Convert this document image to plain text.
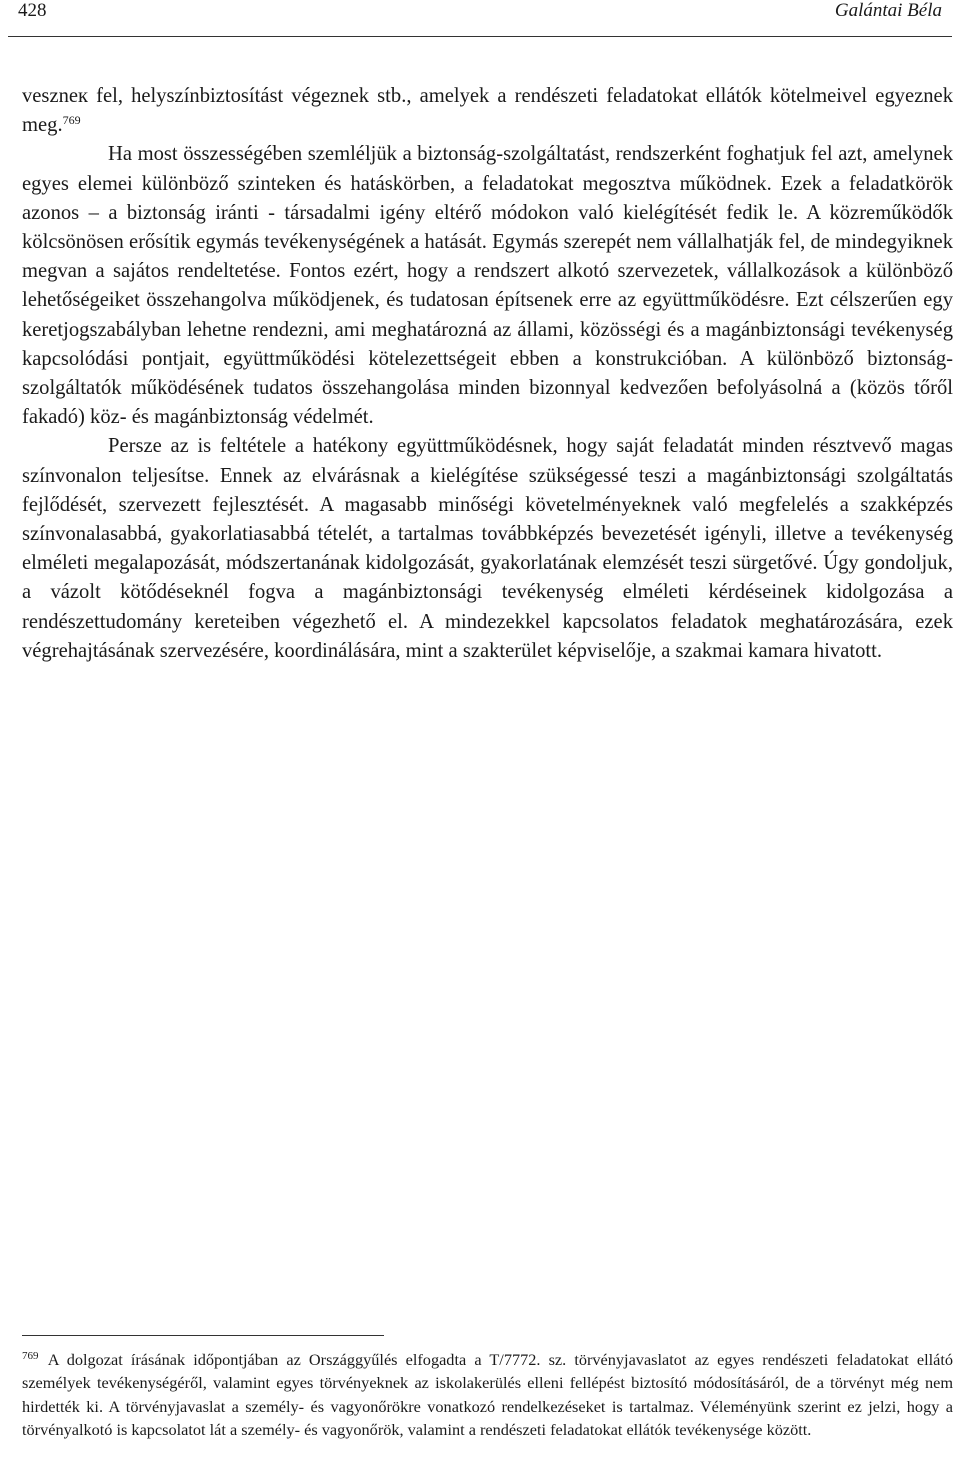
428	Galántai Béla

veszneк fel, helyszínbiztosítást végeznek stb., amelyek a rendészeti feladatokat ellátók kötelmeivel egyeznek meg.$^{769}$

Ha most összességében szemléljük a biztonság-szolgáltatást, rendszerként foghatjuk fel azt, amelynek egyes elemei különböző szinteken és hatáskörben, a feladatokat megosztva működnek. Ezek a feladatkörök azonos – a biztonság iránti - társadalmi igény eltérő módokon való kielégítését fedik le. A közreműködők kölcsönösen erősítik egymás tevékenységének a hatását. Egymás szerepét nem vállalhatják fel, de mindegyiknek megvan a sajátos rendeltetése. Fontos ezért, hogy a rendszert alkotó szervezetek, vállalkozások a különböző lehetőségeiket összehangolva működjenek, és tudatosan építsenek erre az együttműködésre. Ezt célszerűen egy keretjogszabályban lehetne rendezni, ami meghatározná az állami, közösségi és a magánbiztonsági tevékenység kapcsolódási pontjait, együttműködési kötelezettségeit ebben a konstrukcióban. A különböző biztonság-szolgáltatók működésének tudatos összehangolása minden bizonnyal kedvezően befolyásolná a (közös tőről fakadó) köz- és magánbiztonság védelmét.

Persze az is feltétele a hatékony együttműködésnek, hogy saját feladatát minden résztvevő magas színvonalon teljesítse. Ennek az elvárásnak a kielégítése szükségessé teszi a magánbiztonsági szolgáltatás fejlődését, szervezett fejlesztését. A magasabb minőségi követelményeknek való megfelelés a szakképzés színvonalasabbá, gyakorlatiasabbá tételét, a tartalmas továbbképzés bevezetését igényli, illetve a tevékenység elméleti megalapozását, módszertanának kidolgozását, gyakorlatának elemzését teszi sürgetővé. Úgy gondoljuk, a vázolt kötődéseknél fogva a magánbiztonsági tevékenység elméleti kérdéseinek kidolgozása a rendészettudomány kereteiben végezhető el. A mindezekkel kapcsolatos feladatok meghatározására, ezek végrehajtásának szervezésére, koordinálására, mint a szakterület képviselője, a szakmai kamara hivatott.

$^{769}$ A dolgozat írásának időpontjában az Országgyűlés elfogadta a T/7772. sz. törvényjavaslatot az egyes rendészeti feladatokat ellátó személyek tevékenységéről, valamint egyes törvényeknek az iskolakerülés elleni fellépést biztosító módosításáról, de a törvényt még nem hirdették ki. A törvényjavaslat a személy- és vagyonőrökre vonatkozó rendelkezéseket is tartalmaz. Véleményünk szerint ez jelzi, hogy a törvényalkotó is kapcsolatot lát a személy- és vagyonőrök, valamint a rendészeti feladatokat ellátók tevékenysége között.
